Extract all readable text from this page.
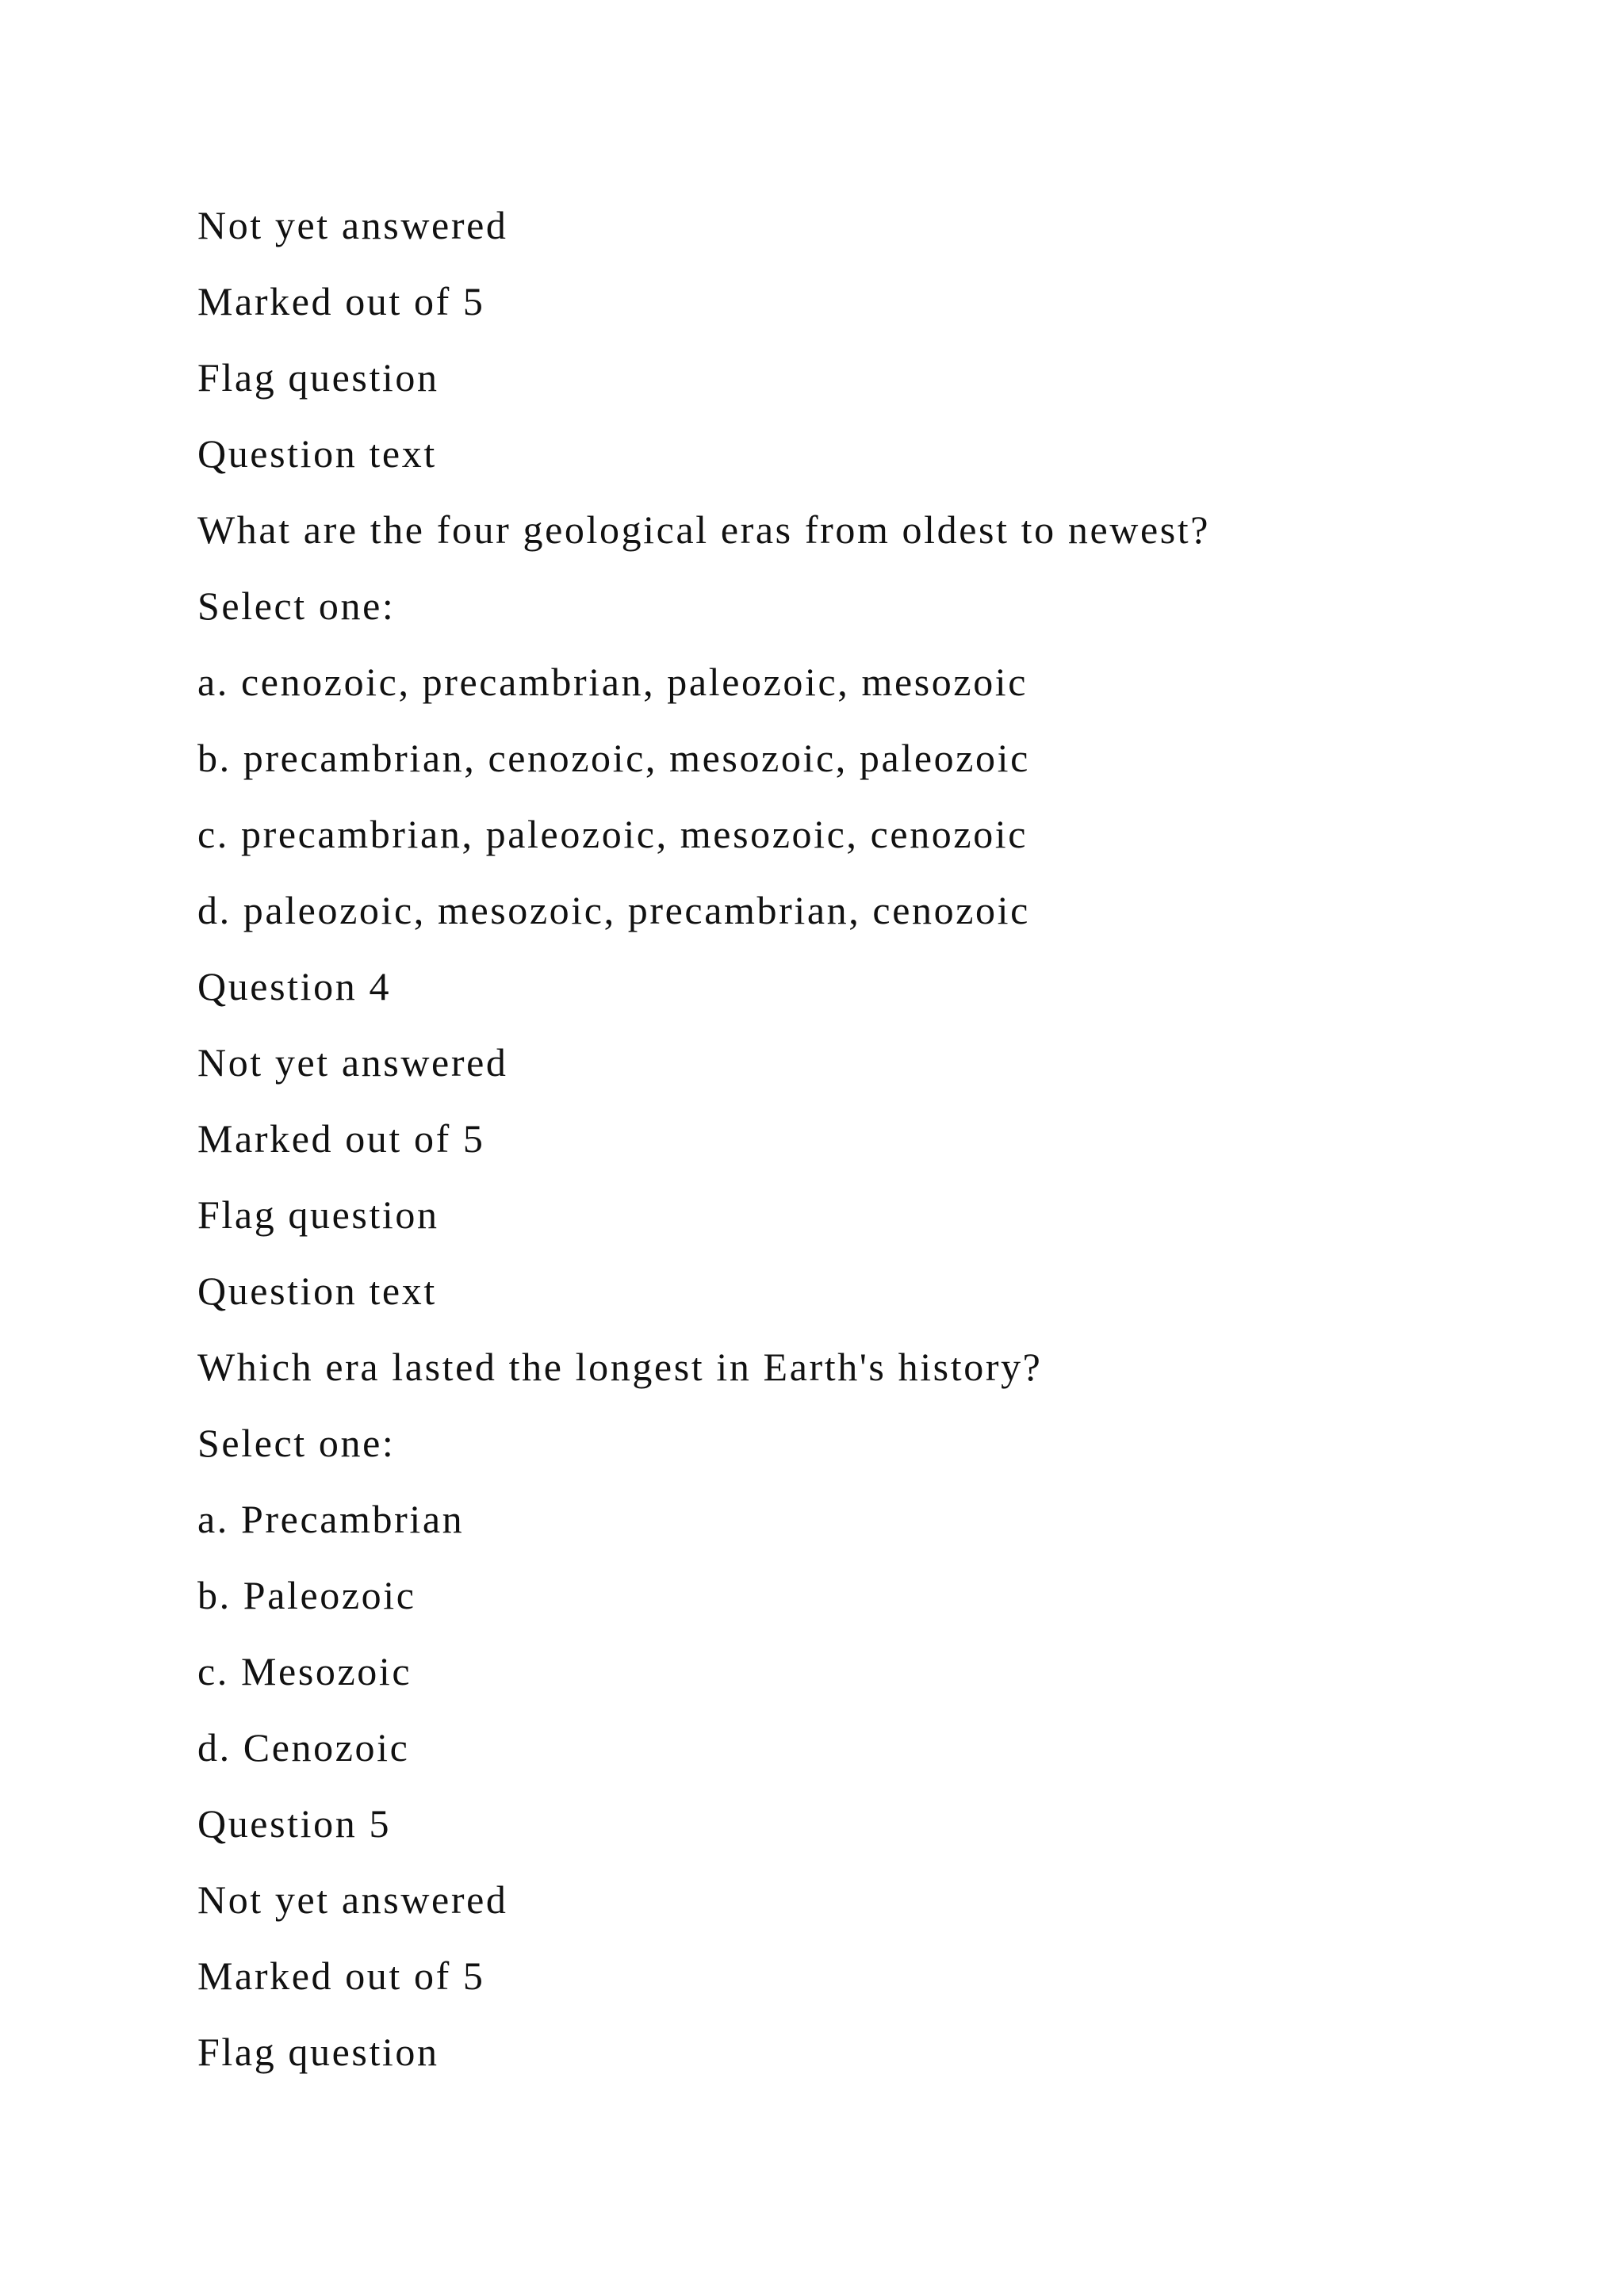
Not yet answered
Marked out of 5
Flag question
Question text
What are the four geological eras from oldest to newest?
Select one:
a. cenozoic, precambrian, paleozoic, mesozoic
b. precambrian, cenozoic, mesozoic, paleozoic
c. precambrian, paleozoic, mesozoic, cenozoic
d. paleozoic, mesozoic, precambrian, cenozoic
Question 4
Not yet answered
Marked out of 5
Flag question
Question text
Which era lasted the longest in Earth's history?
Select one:
a. Precambrian
b. Paleozoic
c. Mesozoic
d. Cenozoic
Question 5
Not yet answered
Marked out of 5
Flag question
